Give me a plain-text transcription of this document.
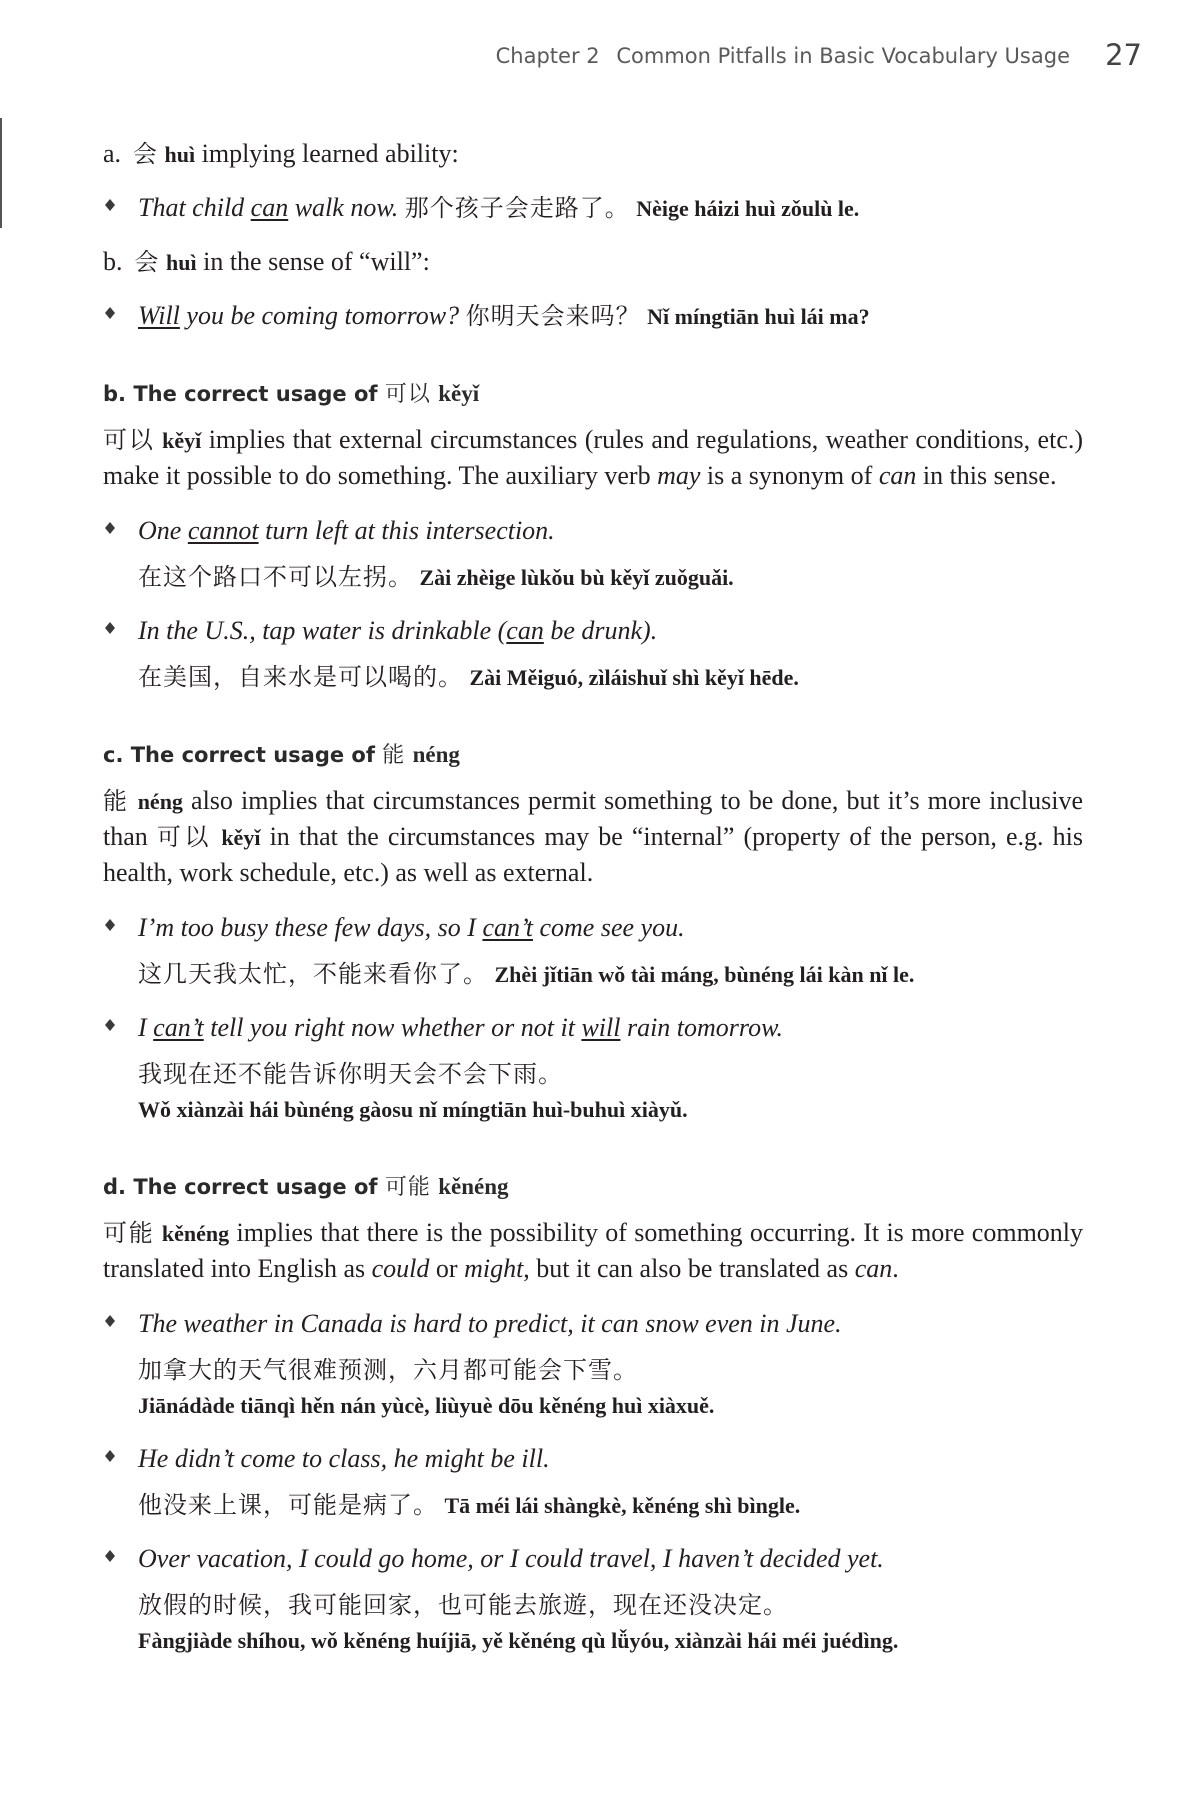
Chapter 2 Common Pitfalls in Basic Vocabulary Usage 27
a. 会 huì implying learned ability:
That child can walk now. 那个孩子会走路了。 Nèige háizi huì zǒulù le.
b. 会 huì in the sense of “will”:
Will you be coming tomorrow? 你明天会来吗？ Nǐ míngtiān huì lái ma?
b. The correct usage of 可以 kěyǐ
可以 kěyǐ implies that external circumstances (rules and regulations, weather conditions, etc.) make it possible to do something. The auxiliary verb may is a synonym of can in this sense.
One cannot turn left at this intersection.
在这个路口不可以左拐。 Zài zhèige lùkǒu bù kěyǐ zuǒguǎi.
In the U.S., tap water is drinkable (can be drunk).
在美国，自来水是可以喝的。 Zài Měiguó, zìláishuǐ shì kěyǐ hēde.
c. The correct usage of 能 néng
能 néng also implies that circumstances permit something to be done, but it’s more inclusive than 可以 kěyǐ in that the circumstances may be “internal” (property of the person, e.g. his health, work schedule, etc.) as well as external.
I’m too busy these few days, so I can’t come see you.
这几天我太忙，不能来看你了。 Zhèi jǐtiān wǒ tài máng, bùnéng lái kàn nǐ le.
I can’t tell you right now whether or not it will rain tomorrow.
我现在还不能告诉你明天会不会下雨。
Wǒ xiànzài hái bùnéng gàosu nǐ míngtiān huì-buhuì xiàyǔ.
d. The correct usage of 可能 kěnéng
可能 kěnéng implies that there is the possibility of something occurring. It is more commonly translated into English as could or might, but it can also be translated as can.
The weather in Canada is hard to predict, it can snow even in June.
加拿大的天气很难预测，六月都可能会下雪。
Jiānádàde tiānqì hěn nán yùcè, liùyuè dōu kěnéng huì xiàxuě.
He didn’t come to class, he might be ill.
他没来上课，可能是病了。 Tā méi lái shàngkè, kěnéng shì bìngle.
Over vacation, I could go home, or I could travel, I haven’t decided yet.
放假的时候，我可能回家，也可能去旅遊，现在还没决定。
Fàngjiàde shíhou, wǒ kěnéng huíjiā, yě kěnéng qù lǚyóu, xiànzài hái méi juédìng.
